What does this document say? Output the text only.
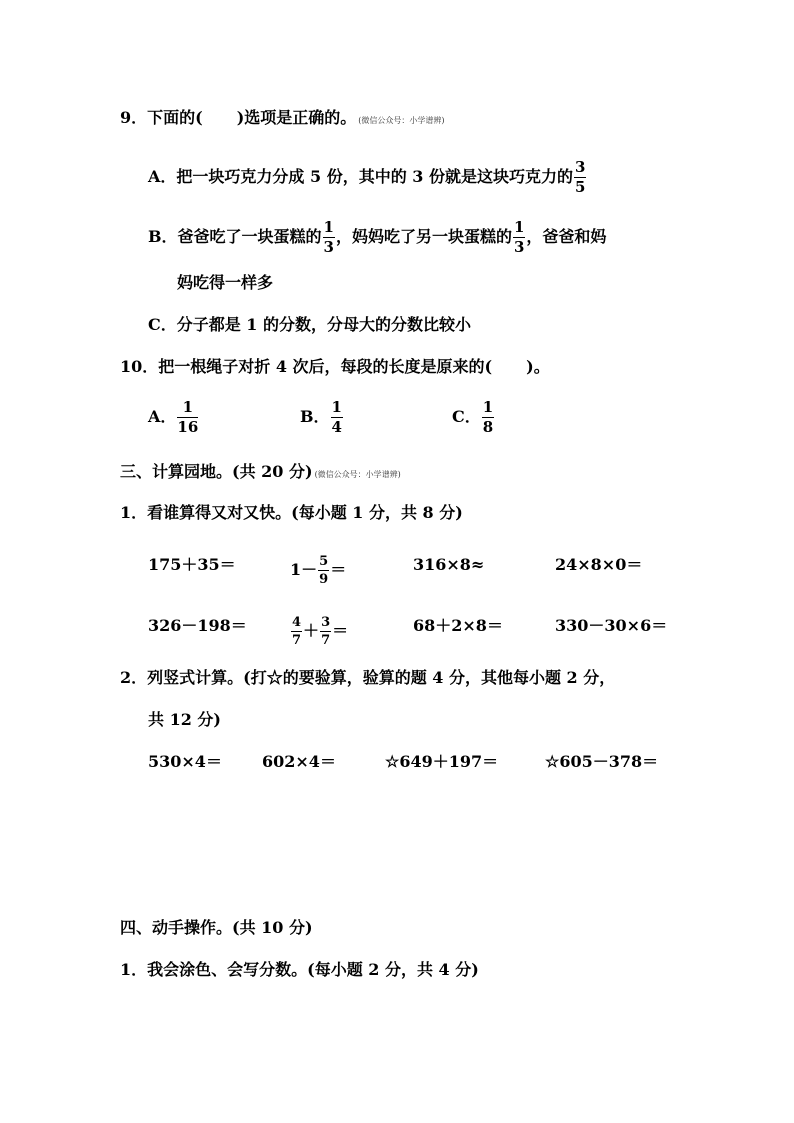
9．下面的( )选项是正确的。 (微信公众号：小学谱辨)
A．把一块巧克力分成 5 份，其中的 3 份就是这块巧克力的 $\frac{3}{5}$
B．爸爸吃了一块蛋糕的 $\frac{1}{3}$ ，妈妈吃了另一块蛋糕的 $\frac{1}{3}$ ，爸爸和妈
妈吃得一样多
C．分子都是 1 的分数，分母大的分数比较小
10．把一根绳子对折 4 次后，每段的长度是原来的( )。
A． $\frac{1}{16}$	B． $\frac{1}{4}$	C． $\frac{1}{8}$
三、计算园地。(共 20 分) (微信公众号：小学谱辨)
1．看谁算得又对又快。(每小题 1 分，共 8 分)
175＋35＝	$1- \frac{5}{9}$ ＝	316×8≈	24×8×0＝
326－198＝	$\frac{4}{7} + \frac{3}{7}$ ＝	68＋2×8＝	330－30×6＝
2．列竖式计算。(打☆的要验算，验算的题 4 分，其他每小题 2 分，
共 12 分)
530×4＝	602×4＝	☆649＋197＝	☆605－378＝
四、动手操作。(共 10 分)
1．我会涂色、会写分数。(每小题 2 分，共 4 分)
